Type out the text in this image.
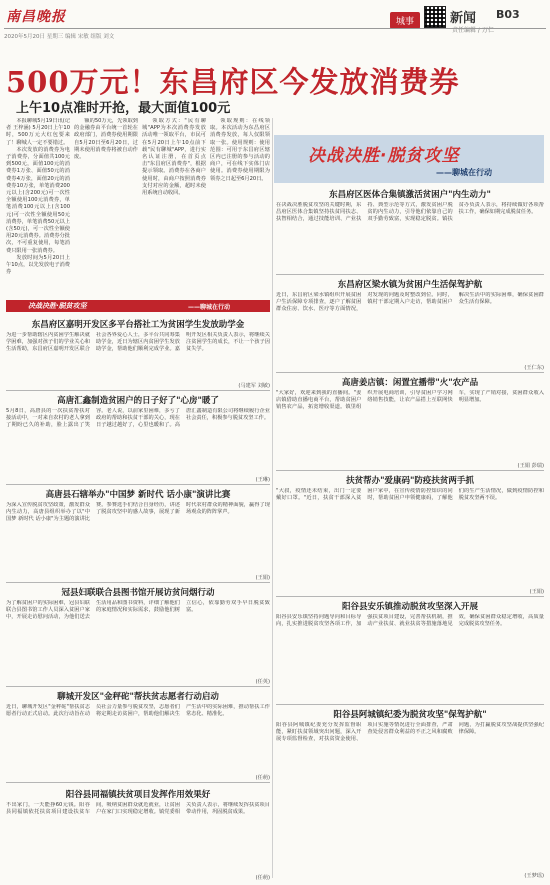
南昌晚报	城事	新闻 B03
责任编辑 / 万仁
2020年5月20日 星期三 编辑 宋敏 组版 刘文
500万元！东昌府区今发放消费券
上午10点准时开抢，最大面值100元

本报聊城5月19日讯(记者 王梓涵) 5月20日上午10时，500万元大红包要来了！聊城人一定不要错过。

本次发放的消费券为电子消费券，分面值共100元到500元，面值100元的消费券1万张、面值50元的消费券4万张，面值20元的消费券10万张，单笔消费200元以上(含200元)可一次性全额使用100元消费券，单笔消费100元以上(含100元)可一次性全额使用50元消费券，单笔消费50元以上(含50元)，可一次性全额使用20元消费券。消费券分批次，不可重复使用，每笔消费只限用一张消费券。

发放时间为5月20日上午10点，以先发放电子消费券

额的50万元，先领取到的金融券由平台统一首轮在政府部门，消费券使用期限自5月20日至6月20日，过期未使用消费券将被自动作废。

领取方式："民有聊城"APP为本次消费券发放活动唯一领取平台，市民可在5月20日上午10点前下载"民有聊城"APP，进行实名认证注册，在首页点击"东昌府区消费券"，根据提示领取。消费券在各商户使用时，由商户按照消费券支付对应的金额，超时未使用系统自动收回。

领取规则：在线领取。本次活动为东昌府区消费券发放，每人仅限领取一张。使用规则：使用范围：可用于东昌府区辖区内已注册的参与活动的商户，可在线下实体门店使用。消费券使用期限为领券之日起至6月20日。

决战决胜·脱贫攻坚	——聊城在行动
决战决胜·脱贫攻坚
——聊城在行动
东昌府区嘉明开发区多平台搭社工为贫困学生发放助学金
为进一步帮助辖区内贫困学生解决就学困难，加强对孩子们的学业关心和生活帮助，东昌府区嘉明开发区联合社会各界爱心人士，多平台共同筹集助学金，近日为辖区内贫困学生发放助学金，帮助他们顺利完成学业。嘉明开发区相关负责人表示，将继续关注贫困学生的成长，不让一个孩子因贫失学。
(马建军 刘敏)
高唐汇鑫制造贫困户的日子好了"心房"暖了
5月8日，高唐县的一次扶贫帮扶对接活动中，一对来自农村的老人拿到了期盼已久的补助，脸上露出了笑容。老人说，以前家里困难，多亏了政府的帮助和扶贫干部的关心，现在日子越过越好了，心里也暖和了。高唐汇鑫制造有限公司将继续履行企业社会责任，积极参与脱贫攻坚工作。
(王琳)
高唐县石辖举办"中国梦 新时代 话小康"演讲比赛
为深入宣传脱贫攻坚政策，激发群众内生动力，高唐县组织举办了以"中国梦 新时代 话小康"为主题的演讲比赛。参赛选手们结合自身经历，讲述了脱贫攻坚中的感人故事，展现了新时代农村群众的精神面貌，赢得了现场观众的阵阵掌声。
(王娟)
冠县妇联联合县图书馆开展访贫问烟行动
为了解贫困户的实际困难，冠县妇联联合县图书馆工作人员深入贫困户家中，开展走访慰问活动，为他们送去生活用品和图书资料，详细了解他们的家庭情况和实际需求，鼓励他们树立信心，依靠勤劳双手早日脱贫致富。
(任英)
聊城开发区"金秤砣"帮扶贫志愿者行动启动
近日，聊城开发区"金秤砣"帮扶贫志愿者行动正式启动。此次行动旨在动员社会力量参与脱贫攻坚，志愿者们将定期走访贫困户，帮助他们解决生产生活中的实际困难，推动帮扶工作常态化、精准化。
(任萌)
阳谷县同福镇扶贫项目发挥作用效果好
不出家门，一天能挣60元钱。阳谷县同福镇依托扶贫项目建设扶贫车间，吸纳贫困群众就近就业，让贫困户在家门口实现稳定增收。镇党委相关负责人表示，将继续发挥扶贫项目带动作用，巩固脱贫成果。
(任萌)
东昌府区医体合集镇激活贫困户"内生动力"
在决战决胜脱贫攻坚的关键时期，东昌府区医体合集镇坚持扶贫同扶志、扶智相结合，通过技能培训、产业扶持、典型示范等方式，激发贫困户脱贫的内生动力，引导他们依靠自己的双手勤劳致富，实现稳定脱贫。镇扶贫办负责人表示，将持续做好各项帮扶工作，确保如期完成脱贫任务。
东昌府区梁水镇为贫困户生活保驾护航
近日，东昌府区梁水镇组织开展贫困户生活保障专项排查，逐户了解贫困群众住房、饮水、医疗等方面情况，对发现的问题及时整改到位。同时，镇村干部定期入户走访，帮助贫困户解决生活中的实际困难，确保贫困群众生活有保障。
(王仁东)
高唐姜店镇：闲置宜播带"火"农产品
"大家好，欢迎来到我的直播间。"姜店镇借助直播电商平台，帮助贫困户销售农产品，拓宽增收渠道。镇里组织开展电商培训，引导贫困户学习网络销售技能，让农产品搭上互联网快车，实现了产销对接，贫困群众收入明显增加。
(王娟 彭瑞)
扶贫帮办"爱康码"防疫扶贫两手抓
"大叔，疫情还未结束，出门一定要戴好口罩。"近日，扶贫干部深入贫困户家中，在宣传疫情防控知识的同时，帮助贫困户申领健康码，了解他们的生产生活情况，做到疫情防控和脱贫攻坚两不误。
(王娟)
阳谷县安乐镇推动脱贫攻坚深入开展
阳谷县安乐镇坚持问题导向和目标导向，扎实推进脱贫攻坚各项工作，加强扶贫项目建设，完善帮扶机制，推动产业扶贫、就业扶贫等措施落地见效，确保贫困群众稳定增收，高质量完成脱贫攻坚任务。
阳谷县阿城镇纪委为脱贫攻坚"保驾护航"
阳谷县阿城镇纪委充分发挥监督职能，紧盯扶贫领域突出问题，深入开展专项监督检查，对扶贫资金使用、项目实施等情况进行全面排查，严肃查处侵害群众利益的不正之风和腐败问题，为打赢脱贫攻坚战提供坚强纪律保障。
(王梦瑶)
